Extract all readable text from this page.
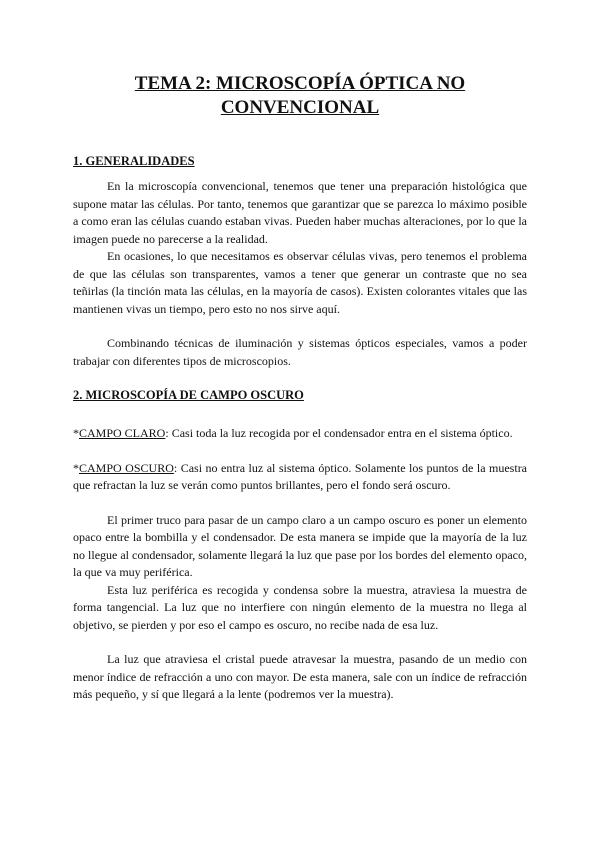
TEMA 2: MICROSCOPÍA ÓPTICA NO
CONVENCIONAL
1. GENERALIDADES

En la microscopía convencional, tenemos que tener una preparación histológica que supone matar las células. Por tanto, tenemos que garantizar que se parezca lo máximo posible a como eran las células cuando estaban vivas. Pueden haber muchas alteraciones, por lo que la imagen puede no parecerse a la realidad.

En ocasiones, lo que necesitamos es observar células vivas, pero tenemos el problema de que las células son transparentes, vamos a tener que generar un contraste que no sea teñirlas (la tinción mata las células, en la mayoría de casos). Existen colorantes vitales que las mantienen vivas un tiempo, pero esto no nos sirve aquí.

Combinando técnicas de iluminación y sistemas ópticos especiales, vamos a poder trabajar con diferentes tipos de microscopios.

2. MICROSCOPÍA DE CAMPO OSCURO

*CAMPO CLARO: Casi toda la luz recogida por el condensador entra en el sistema óptico.

*CAMPO OSCURO: Casi no entra luz al sistema óptico. Solamente los puntos de la muestra que refractan la luz se verán como puntos brillantes, pero el fondo será oscuro.

El primer truco para pasar de un campo claro a un campo oscuro es poner un elemento opaco entre la bombilla y el condensador. De esta manera se impide que la mayoría de la luz no llegue al condensador, solamente llegará la luz que pase por los bordes del elemento opaco, la que va muy periférica.

Esta luz periférica es recogida y condensa sobre la muestra, atraviesa la muestra de forma tangencial. La luz que no interfiere con ningún elemento de la muestra no llega al objetivo, se pierden y por eso el campo es oscuro, no recibe nada de esa luz.

La luz que atraviesa el cristal puede atravesar la muestra, pasando de un medio con menor índice de refracción a uno con mayor. De esta manera, sale con un índice de refracción más pequeño, y sí que llegará a la lente (podremos ver la muestra).
